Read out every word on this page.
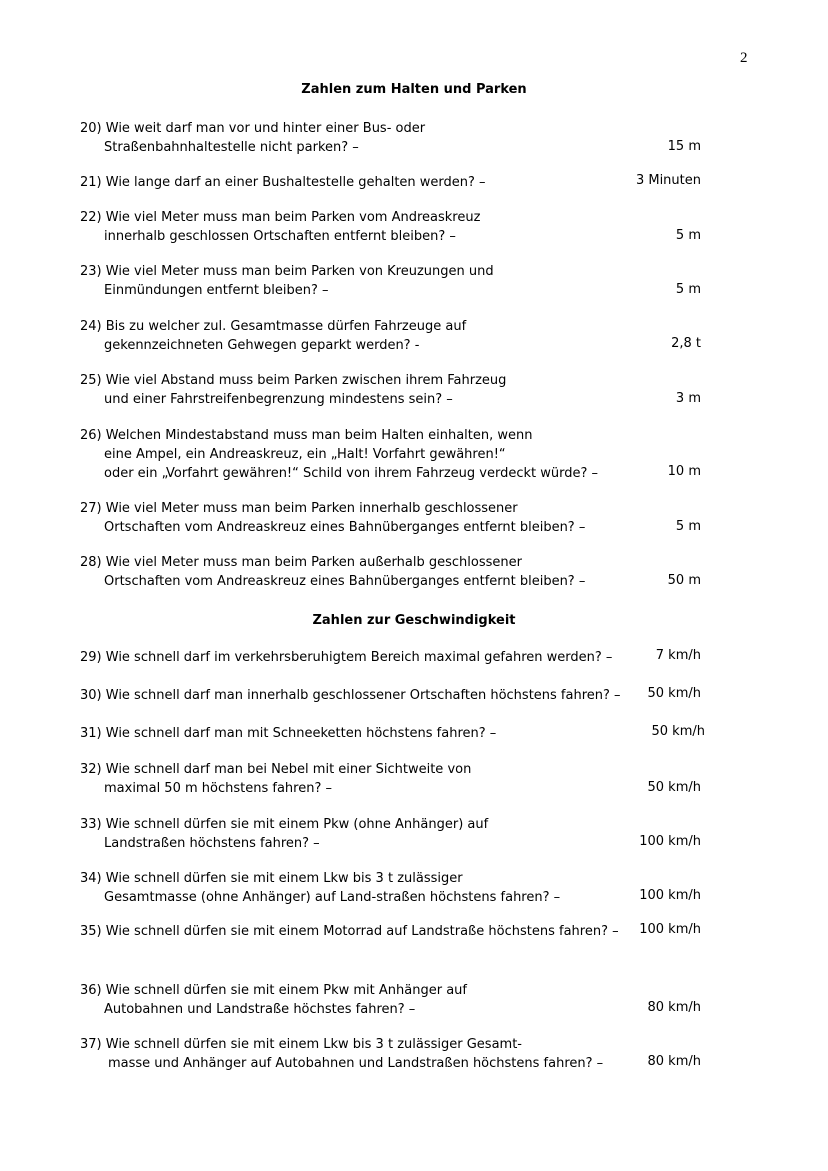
2
Zahlen zum Halten und Parken
20) Wie weit darf man vor und hinter einer Bus- oder
Straßenbahnhaltestelle nicht parken? –	15 m
21) Wie lange darf an einer Bushaltestelle gehalten werden? –	3 Minuten
22) Wie viel Meter muss man beim Parken vom Andreaskreuz
innerhalb geschlossen Ortschaften entfernt bleiben? –	5 m
23) Wie viel Meter muss man beim Parken von Kreuzungen und
Einmündungen entfernt bleiben? –	5 m
24) Bis zu welcher zul. Gesamtmasse dürfen Fahrzeuge auf
gekennzeichneten Gehwegen geparkt werden? -	2,8 t
25) Wie viel Abstand muss beim Parken zwischen ihrem Fahrzeug
und einer Fahrstreifenbegrenzung mindestens sein? –	3 m
26) Welchen Mindestabstand muss man beim Halten einhalten, wenn
eine Ampel, ein Andreaskreuz, ein „Halt! Vorfahrt gewähren!“
oder ein „Vorfahrt gewähren!“ Schild von ihrem Fahrzeug verdeckt würde? –	10 m
27) Wie viel Meter muss man beim Parken innerhalb geschlossener
Ortschaften vom Andreaskreuz eines Bahnüberganges entfernt bleiben? –	5 m
28) Wie viel Meter muss man beim Parken außerhalb geschlossener
Ortschaften vom Andreaskreuz eines Bahnüberganges entfernt bleiben? –	50 m
Zahlen zur Geschwindigkeit
29) Wie schnell darf im verkehrsberuhigtem Bereich maximal gefahren werden? –	7 km/h
30) Wie schnell darf man innerhalb geschlossener Ortschaften höchstens fahren? –	50 km/h
31) Wie schnell darf man mit Schneeketten höchstens fahren? –	50 km/h
32) Wie schnell darf man bei Nebel mit einer Sichtweite von
maximal 50 m höchstens fahren? –	50 km/h
33) Wie schnell dürfen sie mit einem Pkw (ohne Anhänger) auf
Landstraßen höchstens fahren? –	100 km/h
34) Wie schnell dürfen sie mit einem Lkw bis 3 t zulässiger
Gesamtmasse (ohne Anhänger) auf Land-straßen höchstens fahren? –	100 km/h
35) Wie schnell dürfen sie mit einem Motorrad auf Landstraße höchstens fahren? –	100 km/h
36) Wie schnell dürfen sie mit einem Pkw mit Anhänger auf
Autobahnen und Landstraße höchstes fahren? –	80 km/h
37) Wie schnell dürfen sie mit einem Lkw bis 3 t zulässiger Gesamt-
masse und Anhänger auf Autobahnen und Landstraßen höchstens fahren? –	80 km/h
